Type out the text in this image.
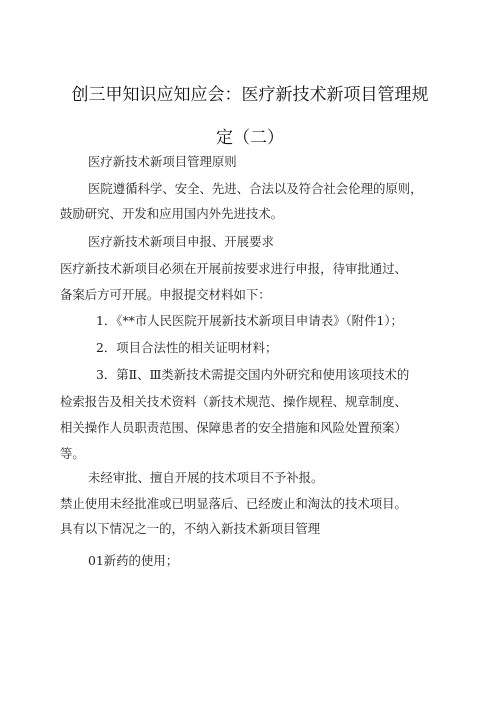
创三甲知识应知应会：医疗新技术新项目管理规
定（二）
医疗新技术新项目管理原则
医院遵循科学、安全、先进、合法以及符合社会伦理的原则，
鼓励研究、开发和应用国内外先进技术。
医疗新技术新项目申报、开展要求
医疗新技术新项目必须在开展前按要求进行申报，待审批通过、
备案后方可开展。申报提交材料如下：
1．《**市人民医院开展新技术新项目申请表》（附件1）；
2．项目合法性的相关证明材料；
3．第Ⅱ、Ⅲ类新技术需提交国内外研究和使用该项技术的
检索报告及相关技术资料（新技术规范、操作规程、规章制度、
相关操作人员职责范围、保障患者的安全措施和风险处置预案）
等。
未经审批、擅自开展的技术项目不予补报。
禁止使用未经批准或已明显落后、已经废止和淘汰的技术项目。
具有以下情况之一的，不纳入新技术新项目管理
01新药的使用；
